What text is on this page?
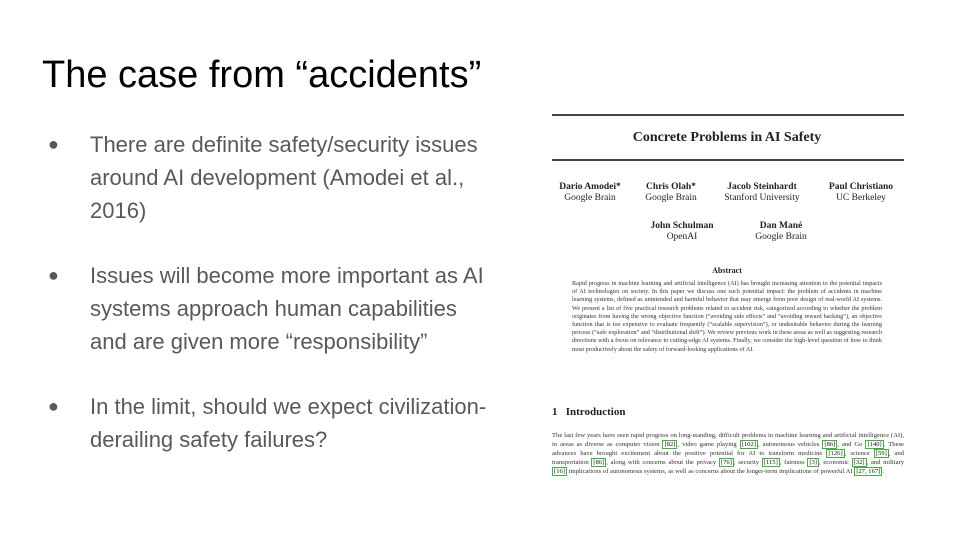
The case from “accidents”
● There are definite safety/security issues around AI development (Amodei et al., 2016)
● Issues will become more important as AI systems approach human capabilities and are given more “responsibility”
● In the limit, should we expect civilization-derailing safety failures?
Concrete Problems in AI Safety
Dario Amodei*
Google Brain
Chris Olah*
Google Brain
Jacob Steinhardt
Stanford University
Paul Christiano
UC Berkeley
John Schulman
OpenAI
Dan Mané
Google Brain
Abstract
Rapid progress in machine learning and artificial intelligence (AI) has brought increasing attention to the potential impacts of AI technologies on society. In this paper we discuss one such potential impact: the problem of accidents in machine learning systems, defined as unintended and harmful behavior that may emerge from poor design of real-world AI systems. We present a list of five practical research problems related to accident risk, categorized according to whether the problem originates from having the wrong objective function (“avoiding side effects” and “avoiding reward hacking”), an objective function that is too expensive to evaluate frequently (“scalable supervision”), or undesirable behavior during the learning process (“safe exploration” and “distributional shift”). We review previous work in these areas as well as suggesting research directions with a focus on relevance to cutting-edge AI systems. Finally, we consider the high-level question of how to think most productively about the safety of forward-looking applications of AI.
1 Introduction
The last few years have seen rapid progress on long-standing, difficult problems in machine learning and artificial intelligence (AI), in areas as diverse as computer vision [82] , video game playing [102] , autonomous vehicles [86] , and Go [140] . These advances have brought excitement about the positive potential for AI to transform medicine [126] , science [59] , and transportation [86] , along with concerns about the privacy [76] , security [115] , fairness [3] , economic [32] , and military [16] implications of autonomous systems, as well as concerns about the longer-term implications of powerful AI [27, 167] .
